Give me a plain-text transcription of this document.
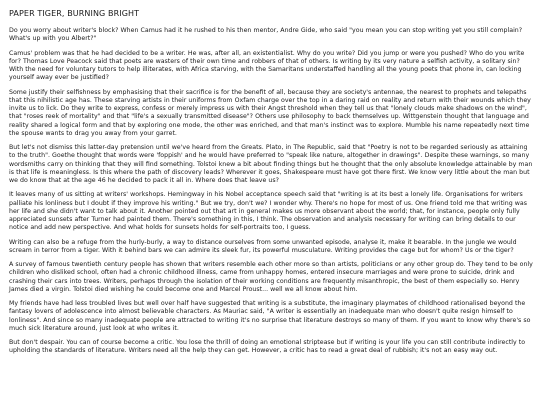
PAPER TIGER, BURNING BRIGHT

Do you worry about writer's block? When Camus had it he rushed to his then mentor, Andre Gide, who said "you mean you can stop writing yet you still complain? What's up with you Albert?"

Camus' problem was that he had decided to be a writer. He was, after all, an existentialist. Why do you write? Did you jump or were you pushed? Who do you write for? Thomas Love Peacock said that poets are wasters of their own time and robbers of that of others. Is writing by its very nature a selfish activity, a solitary sin? With the need for voluntary tutors to help illiterates, with Africa starving, with the Samaritans understaffed handling all the young poets that phone in, can locking yourself away ever be justified?

Some justify their selfishness by emphasising that their sacrifice is for the benefit of all, because they are society's antennae, the nearest to prophets and telepaths that this nihilistic age has. These starving artists in their uniforms from Oxfam charge over the top in a daring raid on reality and return with their wounds which they invite us to lick. Do they write to express, confess or merely impress us with their Angst threshold when they tell us that "lonely clouds make shadows on the wind", that "roses reek of mortality" and that "life's a sexually transmitted disease"? Others use philosophy to back themselves up. Wittgenstein thought that language and reality shared a logical form and that by exploring one mode, the other was enriched, and that man's instinct was to explore. Mumble his name repeatedly next time the spouse wants to drag you away from your garret.

But let's not dismiss this latter-day pretension until we've heard from the Greats. Plato, in The Republic, said that "Poetry is not to be regarded seriously as attaining to the truth". Goethe thought that words were 'foppish' and he would have preferred to "speak like nature, altogether in drawings". Despite these warnings, so many wordsmiths carry on thinking that they will find something. Tolstoi knew a bit about finding things but he thought that the only absolute knowledge attainable by man is that life is meaningless. Is this where the path of discovery leads? Wherever it goes, Shakespeare must have got there first. We know very little about the man but we do know that at the age 46 he decided to pack it all in. Where does that leave us?

It leaves many of us sitting at writers' workshops. Hemingway in his Nobel acceptance speech said that "writing is at its best a lonely life. Organisations for writers palliate his lonliness but I doubt if they improve his writing." But we try, don't we? I wonder why. There's no hope for most of us. One friend told me that writing was her life and she didn't want to talk about it. Another pointed out that art in general makes us more observant about the world; that, for instance, people only fully appreciated sunsets after Turner had painted them. There's something in this, I think. The observation and analysis necessary for writing can bring details to our notice and add new perspective. And what holds for sunsets holds for self-portraits too, I guess.

Writing can also be a refuge from the hurly-burly, a way to distance ourselves from some unwanted episode, analyse it, make it bearable. In the jungle we would scream in terror from a tiger. With it behind bars we can admire its sleek fur, its powerful musculature. Writing provides the cage but for whom? Us or the tiger?

A survey of famous twentieth century people has shown that writers resemble each other more so than artists, politicians or any other group do. They tend to be only children who disliked school, often had a chronic childhood illness, came from unhappy homes, entered insecure marriages and were prone to suicide, drink and crashing their cars into trees. Writers, perhaps through the isolation of their working conditions are frequently misanthropic, the best of them especially so. Henry James died a virgin. Tolstoi died wishing he could become one and Marcel Proust... well we all know about him.

My friends have had less troubled lives but well over half have suggested that writing is a substitute, the imaginary playmates of childhood rationalised beyond the fantasy lovers of adolescence into almost believable characters. As Mauriac said, "A writer is essentially an inadequate man who doesn't quite resign himself to lonliness". And since so many inadequate people are attracted to writing it's no surprise that literature destroys so many of them. If you want to know why there's so much sick literature around, just look at who writes it.

But don't despair. You can of course become a critic. You lose the thrill of doing an emotional striptease but if writing is your life you can still contribute indirectly to upholding the standards of literature. Writers need all the help they can get. However, a critic has to read a great deal of rubbish; it's not an easy way out.
